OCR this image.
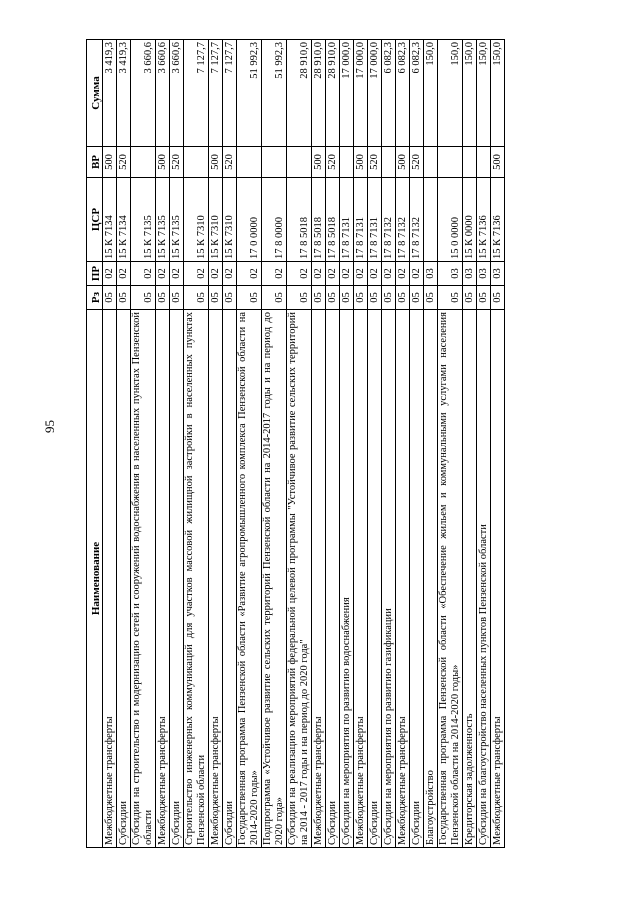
95
Наименование	Рз	ПР	ЦСР	ВР	Сумма
Межбюджетные трансферты	05	02	15 К 7134	500	3 419,3
Субсидии	05	02	15 К 7134	520	3 419,3
Субсидии на строительство и модернизацию сетей и сооружений водоснабжения в населенных пунктах Пензенской области	05	02	15 К 7135		3 660,6
Межбюджетные трансферты	05	02	15 К 7135	500	3 660,6
Субсидии	05	02	15 К 7135	520	3 660,6
Строительство инженерных коммуникаций для участков массовой жилищной застройки в населенных пунктах Пензенской области	05	02	15 К 7310		7 127,7
Межбюджетные трансферты	05	02	15 К 7310	500	7 127,7
Субсидии	05	02	15 К 7310	520	7 127,7
Государственная программа Пензенской области «Развитие агропромышленного комплекса Пензенской области на 2014-2020 годы»	05	02	17 0 0000		51 992,3
Подпрограмма «Устойчивое развитие сельских территорий Пензенской области на 2014-2017 годы и на период до 2020 года»	05	02	17 8 0000		51 992,3
Субсидии на реализацию мероприятий федеральной целевой программы "Устойчивое развитие сельских территорий на 2014 - 2017 годы и на период до 2020 года"	05	02	17 8 5018		28 910,0
Межбюджетные трансферты	05	02	17 8 5018	500	28 910,0
Субсидии	05	02	17 8 5018	520	28 910,0
Субсидии на мероприятия по развитию водоснабжения	05	02	17 8 7131		17 000,0
Межбюджетные трансферты	05	02	17 8 7131	500	17 000,0
Субсидии	05	02	17 8 7131	520	17 000,0
Субсидии на мероприятия по развитию газификации	05	02	17 8 7132		6 082,3
Межбюджетные трансферты	05	02	17 8 7132	500	6 082,3
Субсидии	05	02	17 8 7132	520	6 082,3
Благоустройство	05	03			150,0
Государственная программа Пензенской области «Обеспечение жильем и коммунальными услугами населения Пензенской области на 2014-2020 годы»	05	03	15 0 0000		150,0
Кредиторская задолженность	05	03	15 К 0000		150,0
Субсидии на благоустройство населенных пунктов Пензенской области	05	03	15 К 7136		150,0
Межбюджетные трансферты	05	03	15 К 7136	500	150,0
